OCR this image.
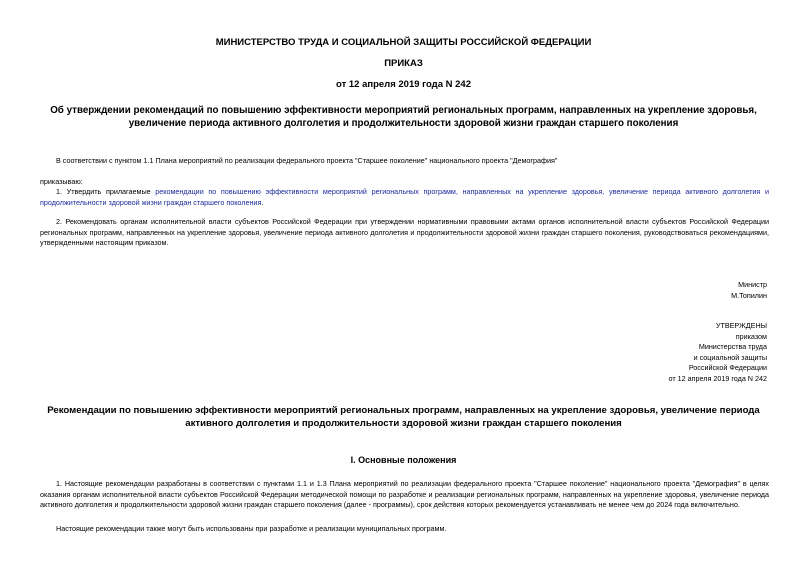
МИНИСТЕРСТВО ТРУДА И СОЦИАЛЬНОЙ ЗАЩИТЫ РОССИЙСКОЙ ФЕДЕРАЦИИ
ПРИКАЗ
от 12 апреля 2019 года N 242
Об утверждении рекомендаций по повышению эффективности мероприятий региональных программ, направленных на укрепление здоровья, увеличение периода активного долголетия и продолжительности здоровой жизни граждан старшего поколения
В соответствии с пунктом 1.1 Плана мероприятий по реализации федерального проекта "Старшее поколение" национального проекта "Демография"
приказываю:
1. Утвердить прилагаемые рекомендации по повышению эффективности мероприятий региональных программ, направленных на укрепление здоровья, увеличение периода активного долголетия и продолжительности здоровой жизни граждан старшего поколения.
2. Рекомендовать органам исполнительной власти субъектов Российской Федерации при утверждении нормативными правовыми актами органов исполнительной власти субъектов Российской Федерации региональных программ, направленных на укрепление здоровья, увеличение периода активного долголетия и продолжительности здоровой жизни граждан старшего поколения, руководствоваться рекомендациями, утвержденными настоящим приказом.
Министр
М.Топилин
УТВЕРЖДЕНЫ
приказом
Министерства труда
и социальной защиты
Российской Федерации
от 12 апреля 2019 года N 242
Рекомендации по повышению эффективности мероприятий региональных программ, направленных на укрепление здоровья, увеличение периода активного долголетия и продолжительности здоровой жизни граждан старшего поколения
I. Основные положения
1. Настоящие рекомендации разработаны в соответствии с пунктами 1.1 и 1.3 Плана мероприятий по реализации федерального проекта "Старшее поколение" национального проекта "Демография" в целях оказания органам исполнительной власти субъектов Российской Федерации методической помощи по разработке и реализации региональных программ, направленных на укрепление здоровья, увеличение периода активного долголетия и продолжительности здоровой жизни граждан старшего поколения (далее - программы), срок действия которых рекомендуется устанавливать не менее чем до 2024 года включительно.
Настоящие рекомендации также могут быть использованы при разработке и реализации муниципальных программ.
